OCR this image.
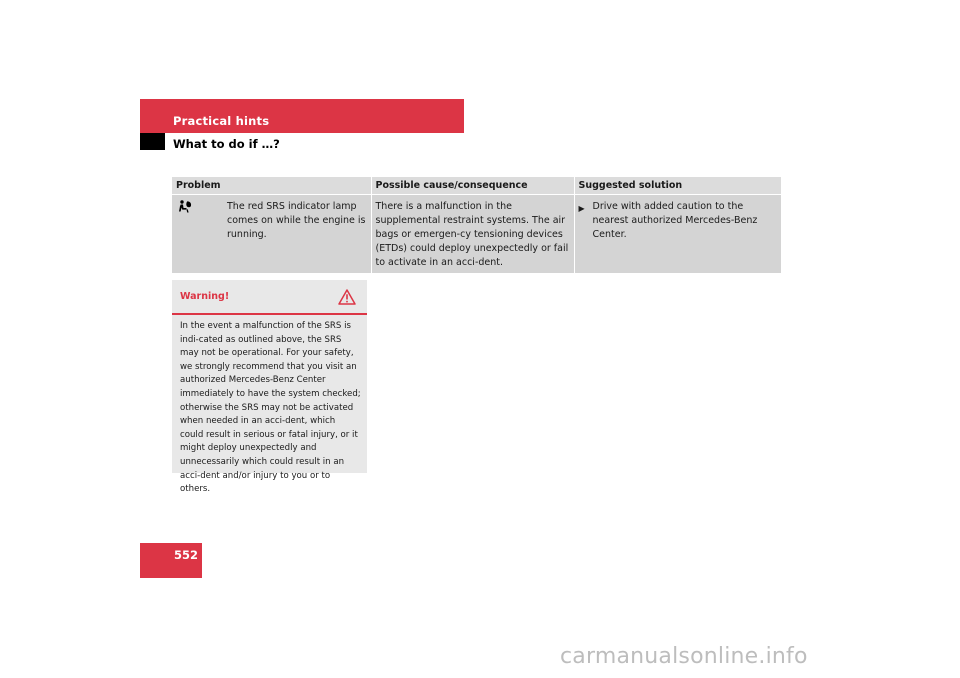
Practical hints
What to do if …?
Problem	Possible cause/consequence	Suggested solution

The red SRS indicator lamp comes on while the engine is running.	There is a malfunction in the supplemental restraint systems. The air bags or emergen-cy tensioning devices (ETDs) could deploy unexpectedly or fail to activate in an acci-dent.	▶ Drive with added caution to the nearest authorized Mercedes-Benz Center.
Warning!
In the event a malfunction of the SRS is indi-cated as outlined above, the SRS may not be operational. For your safety, we strongly recommend that you visit an authorized Mercedes-Benz Center immediately to have the system checked; otherwise the SRS may not be activated when needed in an acci-dent, which could result in serious or fatal injury, or it might deploy unexpectedly and unnecessarily which could result in an acci-dent and/or injury to you or to others.
552
carmanualsonline.info
